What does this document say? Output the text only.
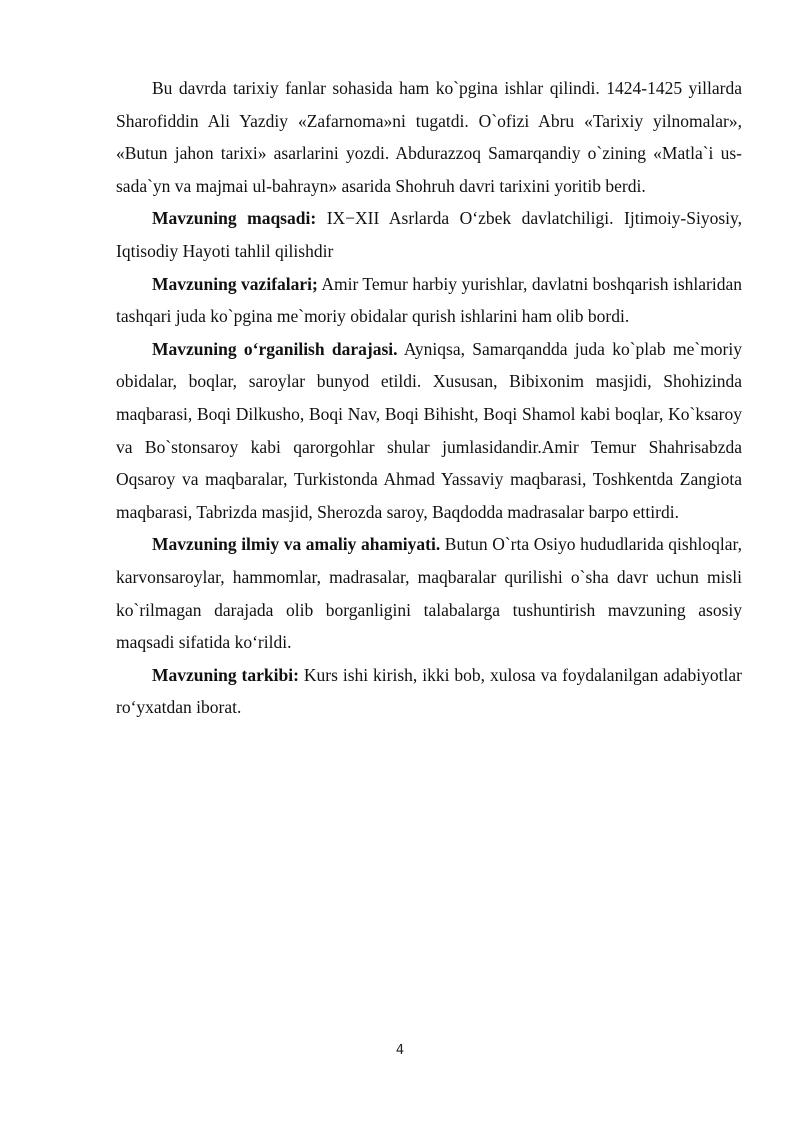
Bu davrda tarixiy fanlar sohasida ham ko`pgina ishlar qilindi. 1424-1425 yillarda Sharofiddin Ali Yazdiy «Zafarnoma»ni tugatdi. O`ofizi Abru «Tarixiy yilnomalar», «Butun jahon tarixi» asarlarini yozdi. Abdurazzoq Samarqandiy o`zining «Matla`i us-sada`yn va majmai ul-bahrayn» asarida Shohruh davri tarixini yoritib berdi.

Mavzuning maqsadi: IX−XII Asrlarda O‘zbek davlatchiligi. Ijtimoiy-Siyosiy, Iqtisodiy Hayoti tahlil qilishdir

Mavzuning vazifalari; Amir Temur harbiy yurishlar, davlatni boshqarish ishlaridan tashqari juda ko`pgina me`moriy obidalar qurish ishlarini ham olib bordi.

Mavzuning o‘rganilish darajasi. Ayniqsa, Samarqandda juda ko`plab me`moriy obidalar, boqlar, saroylar bunyod etildi. Xususan, Bibixonim masjidi, Shohizinda maqbarasi, Boqi Dilkusho, Boqi Nav, Boqi Bihisht, Boqi Shamol kabi boqlar, Ko`ksaroy va Bo`stonsaroy kabi qarorgohlar shular jumlasidandir.Amir Temur Shahrisabzda Oqsaroy va maqbaralar, Turkistonda Ahmad Yassaviy maqbarasi, Toshkentda Zangiota maqbarasi, Tabrizda masjid, Sherozda saroy, Baqdodda madrasalar barpo ettirdi.

Mavzuning ilmiy va amaliy ahamiyati. Butun O`rta Osiyo hududlarida qishloqlar, karvonsaroylar, hammomlar, madrasalar, maqbaralar qurilishi o`sha davr uchun misli ko`rilmagan darajada olib borganligini talabalarga tushuntirish mavzuning asosiy maqsadi sifatida ko‘rildi.

Mavzuning tarkibi: Kurs ishi kirish, ikki bob, xulosa va foydalanilgan adabiyotlar ro‘yxatdan iborat.

4
